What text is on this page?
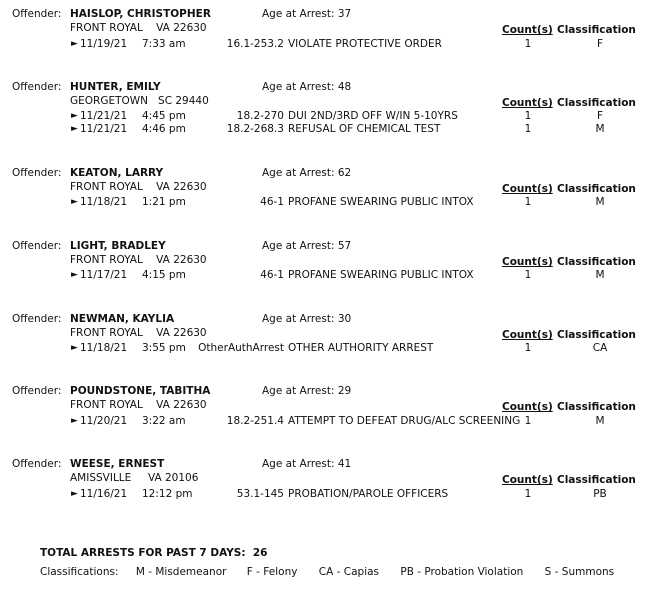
Offender: HAISLOP, CHRISTOPHER	Age at Arrest: 37
FRONT ROYAL    VA 22630	Count(s) Classification
► 11/19/21 7:33 am	16.1-253.2 VIOLATE PROTECTIVE ORDER	1	F
Offender: HUNTER, EMILY	Age at Arrest: 48
GEORGETOWN   SC 29440	Count(s) Classification
► 11/21/21 4:45 pm	18.2-270 DUI 2ND/3RD OFF W/IN 5-10YRS	1	F
► 11/21/21 4:46 pm	18.2-268.3 REFUSAL OF CHEMICAL TEST	1	M
Offender: KEATON, LARRY	Age at Arrest: 62
FRONT ROYAL    VA 22630	Count(s) Classification
► 11/18/21 1:21 pm	46-1 PROFANE SWEARING PUBLIC INTOX	1	M
Offender: LIGHT, BRADLEY	Age at Arrest: 57
FRONT ROYAL    VA 22630	Count(s) Classification
► 11/17/21 4:15 pm	46-1 PROFANE SWEARING PUBLIC INTOX	1	M
Offender: NEWMAN, KAYLIA	Age at Arrest: 30
FRONT ROYAL    VA 22630	Count(s) Classification
► 11/18/21 3:55 pm	OtherAuthArrest OTHER AUTHORITY ARREST	1	CA
Offender: POUNDSTONE, TABITHA	Age at Arrest: 29
FRONT ROYAL    VA 22630	Count(s) Classification
► 11/20/21 3:22 am	18.2-251.4 ATTEMPT TO DEFEAT DRUG/ALC SCREENING 1	M
Offender: WEESE, ERNEST	Age at Arrest: 41
AMISSVILLE     VA 20106	Count(s) Classification
► 11/16/21 12:12 pm	53.1-145 PROBATION/PAROLE OFFICERS	1	PB
TOTAL ARRESTS FOR PAST 7 DAYS: 26
Classifications: M - Misdemeanor F - Felony CA - Capias PB - Probation Violation S - Summons
